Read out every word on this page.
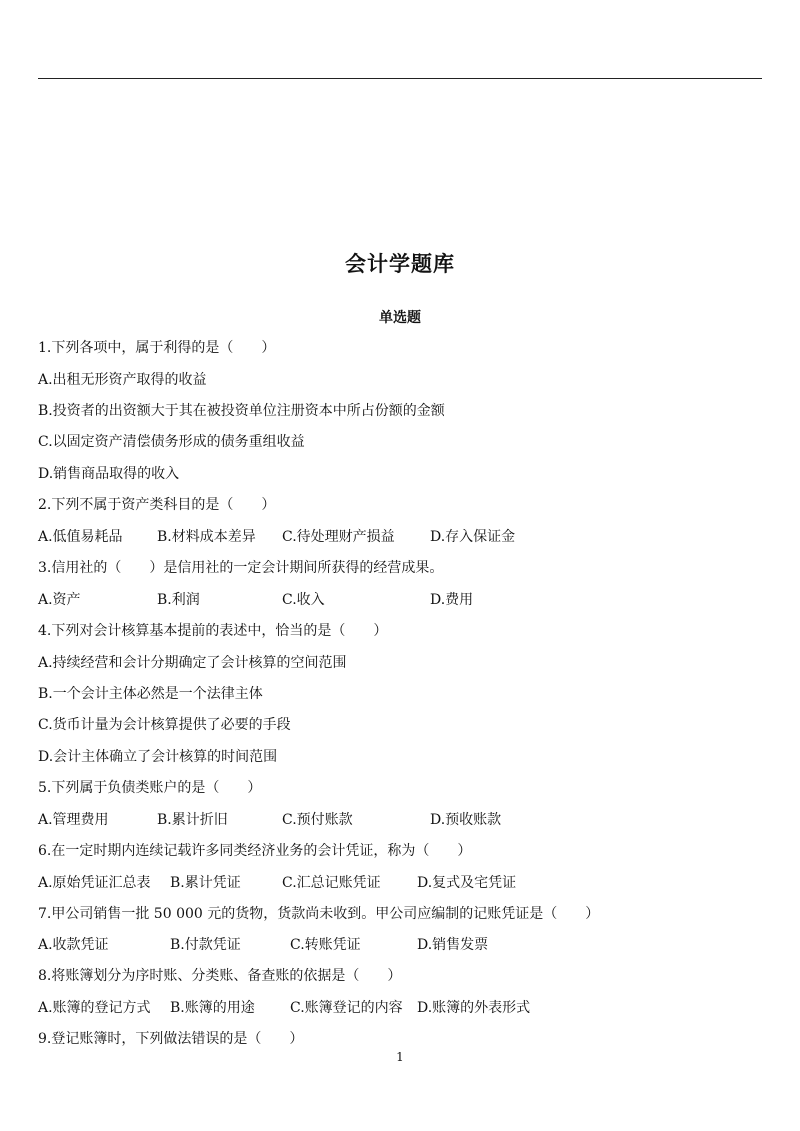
会计学题库
单选题
1.下列各项中，属于利得的是（　　）
A.出租无形资产取得的收益
B.投资者的出资额大于其在被投资单位注册资本中所占份额的金额
C.以固定资产清偿债务形成的债务重组收益
D.销售商品取得的收入
2.下列不属于资产类科目的是（　　）
A.低值易耗品 B.材料成本差异 C.待处理财产损益	D.存入保证金
3.信用社的（　　）是信用社的一定会计期间所获得的经营成果。
A.资产	B.利润	C.收入	D.费用
4.下列对会计核算基本提前的表述中，恰当的是（　　）
A.持续经营和会计分期确定了会计核算的空间范围
B.一个会计主体必然是一个法律主体
C.货币计量为会计核算提供了必要的手段
D.会计主体确立了会计核算的时间范围
5.下列属于负债类账户的是（　　）
A.管理费用	B.累计折旧	C.预付账款	D.预收账款
6.在一定时期内连续记载许多同类经济业务的会计凭证，称为（　　）
A.原始凭证汇总表 B.累计凭证	C.汇总记账凭证	D.复式及宅凭证
7.甲公司销售一批 50 000 元的货物，货款尚未收到。甲公司应编制的记账凭证是（　　）
A.收款凭证	B.付款凭证	C.转账凭证	D.销售发票
8.将账簿划分为序时账、分类账、备查账的依据是（　　）
A.账簿的登记方式 B.账簿的用途	C.账簿登记的内容 D.账簿的外表形式
9.登记账簿时，下列做法错误的是（　　）
1
